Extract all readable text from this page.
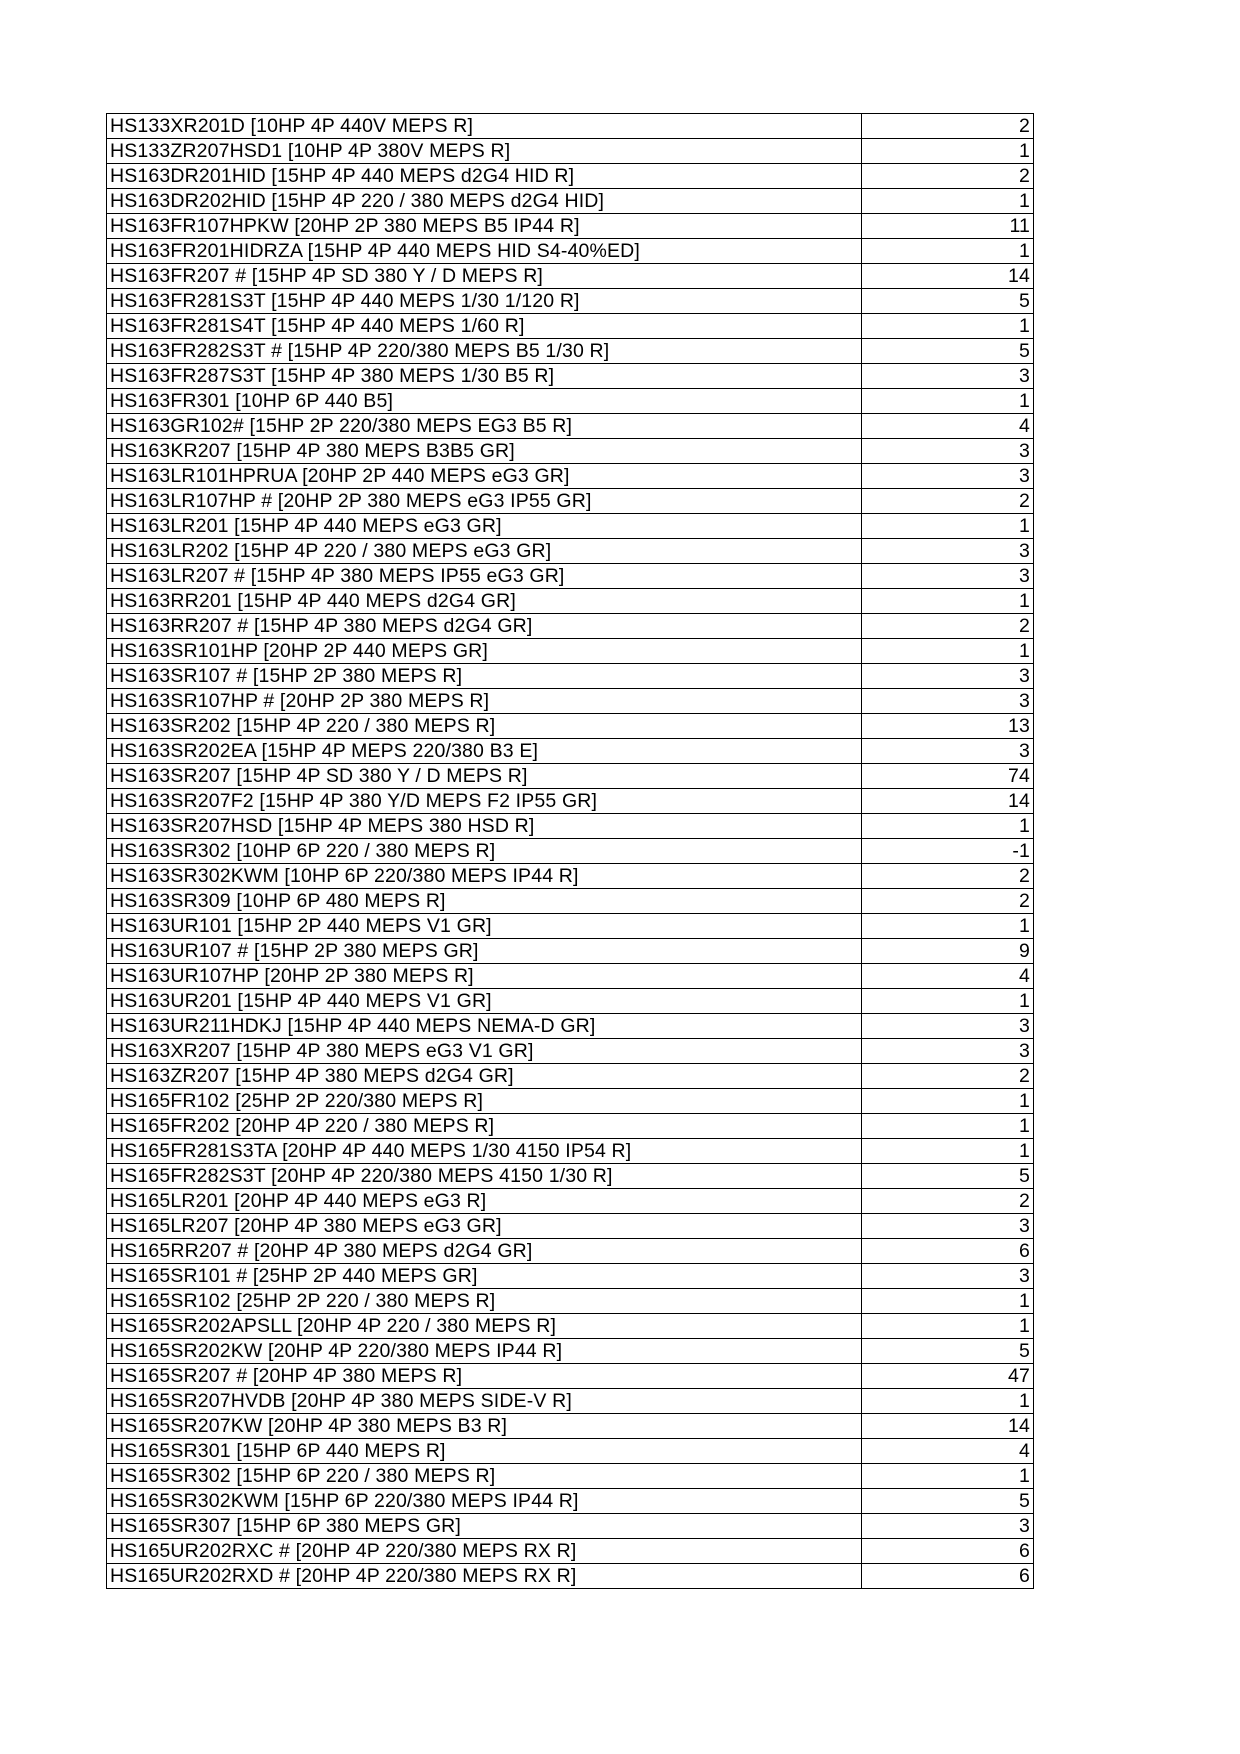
HS133XR201D [10HP 4P 440V MEPS R]	2
HS133ZR207HSD1 [10HP 4P 380V MEPS R]	1
HS163DR201HID [15HP 4P 440 MEPS d2G4 HID R]	2
HS163DR202HID [15HP 4P 220 / 380 MEPS d2G4 HID]	1
HS163FR107HPKW [20HP 2P 380 MEPS B5 IP44 R]	11
HS163FR201HIDRZA [15HP 4P 440 MEPS HID S4-40%ED]	1
HS163FR207 # [15HP 4P SD 380 Y / D MEPS R]	14
HS163FR281S3T [15HP 4P 440 MEPS 1/30 1/120 R]	5
HS163FR281S4T [15HP 4P 440 MEPS 1/60 R]	1
HS163FR282S3T # [15HP 4P 220/380 MEPS B5 1/30 R]	5
HS163FR287S3T [15HP 4P 380 MEPS 1/30 B5 R]	3
HS163FR301 [10HP 6P 440 B5]	1
HS163GR102# [15HP 2P 220/380 MEPS EG3 B5 R]	4
HS163KR207 [15HP 4P 380 MEPS B3B5 GR]	3
HS163LR101HPRUA [20HP 2P 440 MEPS eG3 GR]	3
HS163LR107HP # [20HP 2P 380 MEPS eG3 IP55 GR]	2
HS163LR201 [15HP 4P 440 MEPS eG3 GR]	1
HS163LR202 [15HP 4P 220 / 380 MEPS eG3 GR]	3
HS163LR207 # [15HP 4P 380 MEPS IP55 eG3 GR]	3
HS163RR201 [15HP 4P 440 MEPS d2G4 GR]	1
HS163RR207 # [15HP 4P 380 MEPS d2G4 GR]	2
HS163SR101HP [20HP 2P 440 MEPS GR]	1
HS163SR107 # [15HP 2P 380 MEPS R]	3
HS163SR107HP # [20HP 2P 380 MEPS R]	3
HS163SR202 [15HP 4P 220 / 380 MEPS R]	13
HS163SR202EA [15HP 4P MEPS 220/380 B3 E]	3
HS163SR207 [15HP 4P SD 380 Y / D MEPS R]	74
HS163SR207F2 [15HP 4P 380 Y/D MEPS F2 IP55 GR]	14
HS163SR207HSD [15HP 4P MEPS 380 HSD R]	1
HS163SR302 [10HP 6P 220 / 380 MEPS R]	-1
HS163SR302KWM [10HP 6P 220/380 MEPS IP44 R]	2
HS163SR309 [10HP 6P 480 MEPS R]	2
HS163UR101 [15HP 2P 440 MEPS V1 GR]	1
HS163UR107 # [15HP 2P 380 MEPS GR]	9
HS163UR107HP [20HP 2P 380 MEPS R]	4
HS163UR201 [15HP 4P 440 MEPS V1 GR]	1
HS163UR211HDKJ [15HP 4P 440 MEPS NEMA-D GR]	3
HS163XR207 [15HP 4P 380 MEPS eG3 V1 GR]	3
HS163ZR207 [15HP 4P 380 MEPS d2G4 GR]	2
HS165FR102 [25HP 2P 220/380 MEPS R]	1
HS165FR202 [20HP 4P 220 / 380 MEPS R]	1
HS165FR281S3TA [20HP 4P 440 MEPS 1/30 4150 IP54 R]	1
HS165FR282S3T [20HP 4P 220/380 MEPS 4150 1/30 R]	5
HS165LR201 [20HP 4P 440 MEPS eG3 R]	2
HS165LR207 [20HP 4P 380 MEPS eG3 GR]	3
HS165RR207 # [20HP 4P 380 MEPS d2G4 GR]	6
HS165SR101 # [25HP 2P 440 MEPS GR]	3
HS165SR102 [25HP 2P 220 / 380 MEPS R]	1
HS165SR202APSLL [20HP 4P 220 / 380 MEPS R]	1
HS165SR202KW [20HP 4P 220/380 MEPS IP44 R]	5
HS165SR207 # [20HP 4P 380 MEPS R]	47
HS165SR207HVDB [20HP 4P 380 MEPS SIDE-V R]	1
HS165SR207KW [20HP 4P 380 MEPS B3 R]	14
HS165SR301 [15HP 6P 440 MEPS R]	4
HS165SR302 [15HP 6P 220 / 380 MEPS R]	1
HS165SR302KWM [15HP 6P 220/380 MEPS IP44 R]	5
HS165SR307 [15HP 6P 380 MEPS GR]	3
HS165UR202RXC # [20HP 4P 220/380 MEPS RX R]	6
HS165UR202RXD # [20HP 4P 220/380 MEPS RX R]	6
